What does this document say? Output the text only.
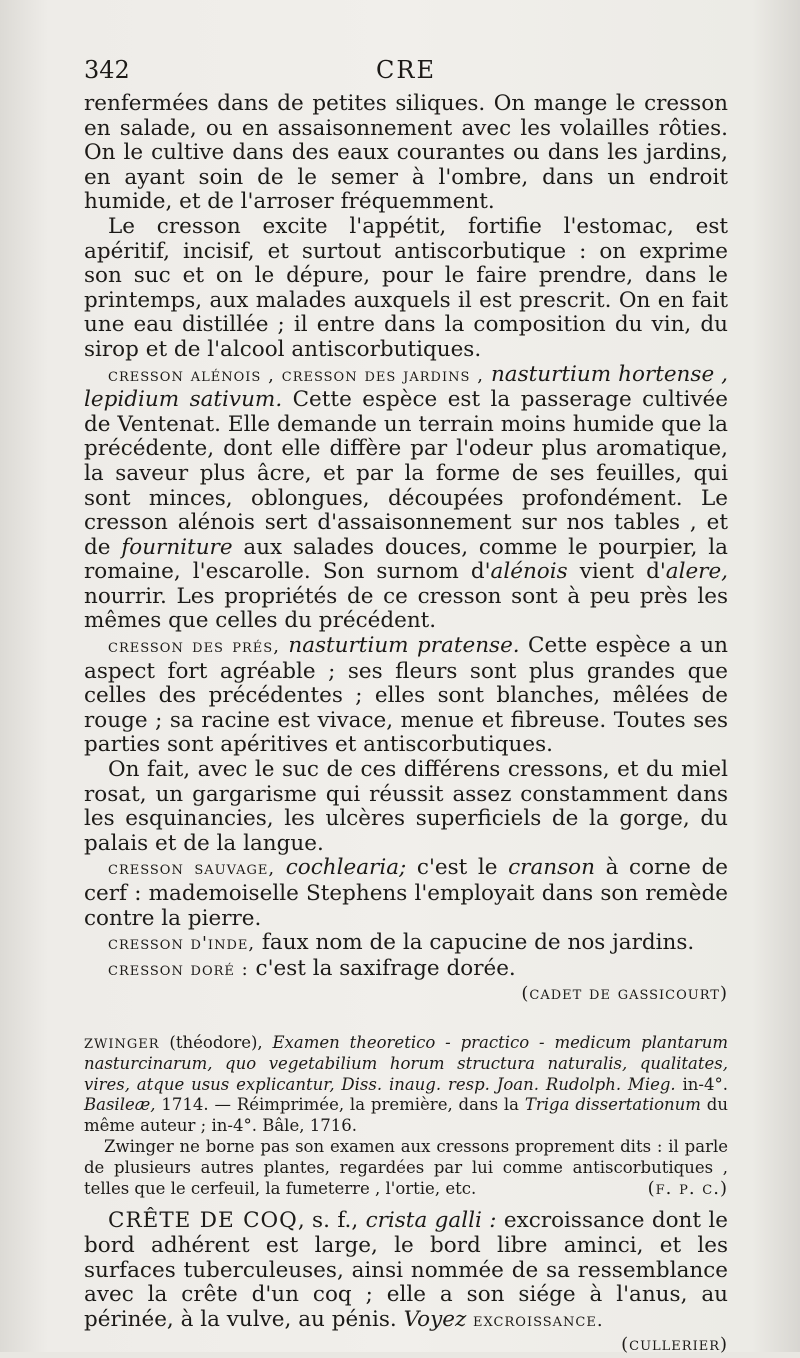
342	CRE

renfermées dans de petites siliques. On mange le cresson en salade, ou en assaisonnement avec les volailles rôties. On le cultive dans des eaux courantes ou dans les jardins, en ayant soin de le semer à l'ombre, dans un endroit humide, et de l'arroser fréquemment.

Le cresson excite l'appétit, fortifie l'estomac, est apéritif, incisif, et surtout antiscorbutique : on exprime son suc et on le dépure, pour le faire prendre, dans le printemps, aux malades auxquels il est prescrit. On en fait une eau distillée ; il entre dans la composition du vin, du sirop et de l'alcool antiscorbutiques.

cresson alénois , cresson des jardins , nasturtium hortense , lepidium sativum. Cette espèce est la passerage cultivée de Ventenat. Elle demande un terrain moins humide que la précédente, dont elle diffère par l'odeur plus aromatique, la saveur plus âcre, et par la forme de ses feuilles, qui sont minces, oblongues, découpées profondément. Le cresson alénois sert d'assaisonnement sur nos tables , et de fourniture aux salades douces, comme le pourpier, la romaine, l'escarolle. Son surnom d'alénois vient d'alere, nourrir. Les propriétés de ce cresson sont à peu près les mêmes que celles du précédent.

cresson des prés, nasturtium pratense. Cette espèce a un aspect fort agréable ; ses fleurs sont plus grandes que celles des précédentes ; elles sont blanches, mêlées de rouge ; sa racine est vivace, menue et fibreuse. Toutes ses parties sont apéritives et antiscorbutiques.

On fait, avec le suc de ces différens cressons, et du miel rosat, un gargarisme qui réussit assez constamment dans les esquinancies, les ulcères superficiels de la gorge, du palais et de la langue.

cresson sauvage, cochlearia; c'est le cranson à corne de cerf : mademoiselle Stephens l'employait dans son remède contre la pierre.

cresson d'inde, faux nom de la capucine de nos jardins.

cresson doré : c'est la saxifrage dorée.
(cadet de gassicourt)

zwinger (théodore), Examen theoretico - practico - medicum plantarum nasturcinarum, quo vegetabilium horum structura naturalis, qualitates, vires, atque usus explicantur, Diss. inaug. resp. Joan. Rudolph. Mieg. in-4°. Basileæ, 1714. — Réimprimée, la première, dans la Triga dissertationum du même auteur ; in-4°. Bâle, 1716.

Zwinger ne borne pas son examen aux cressons proprement dits : il parle de plusieurs autres plantes, regardées par lui comme antiscorbutiques , telles que le cerfeuil, la fumeterre , l'ortie, etc.	(f. p. c.)

CRÊTE DE COQ, s. f., crista galli : excroissance dont le bord adhérent est large, le bord libre aminci, et les surfaces tuberculeuses, ainsi nommée de sa ressemblance avec la crête d'un coq ; elle a son siége à l'anus, au périnée, à la vulve, au pénis. Voyez excroissance.
(cullerier)
